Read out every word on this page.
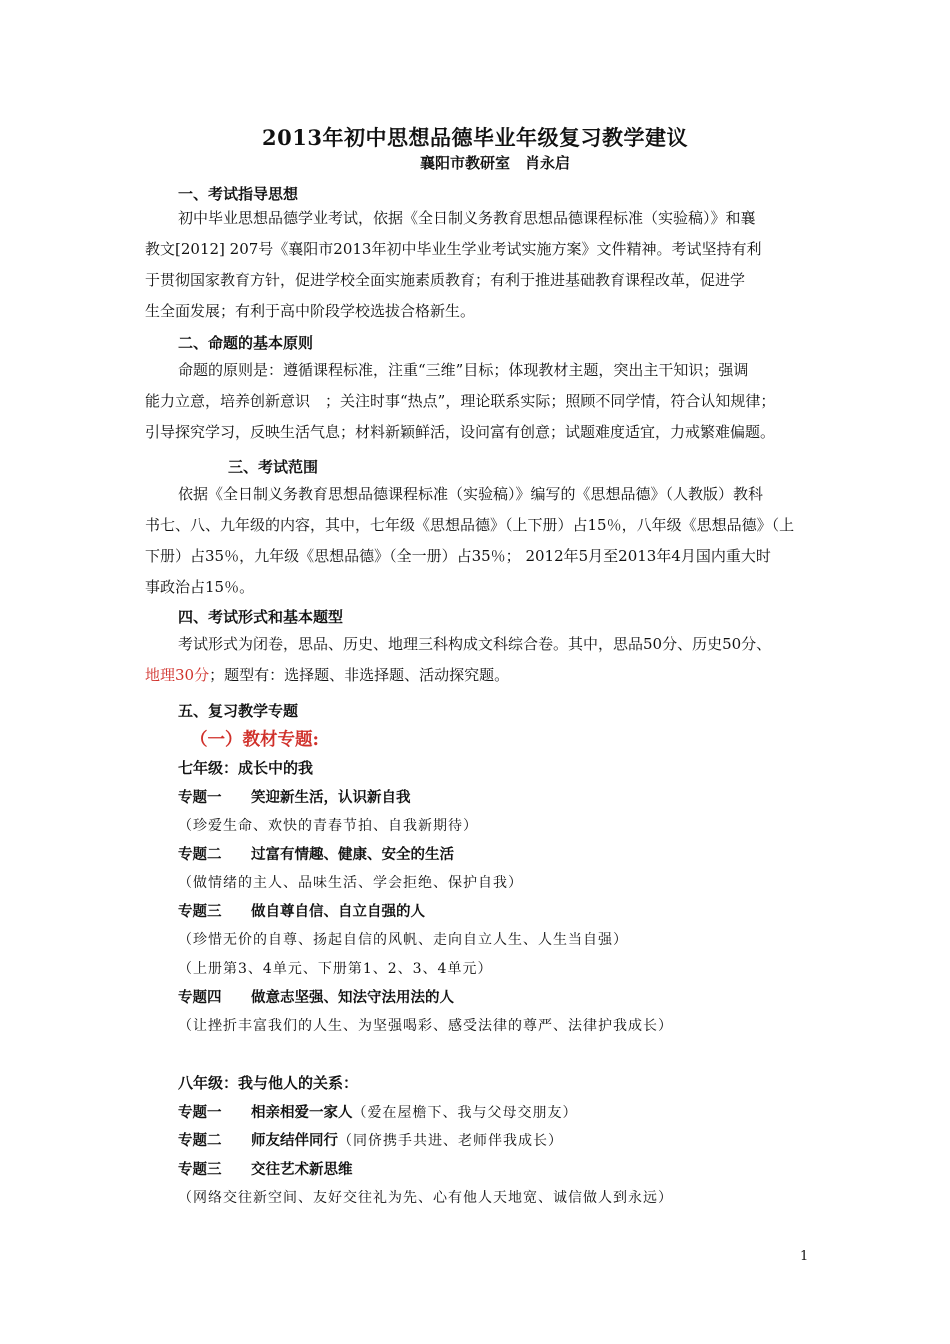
2013年初中思想品德毕业年级复习教学建议
襄阳市教研室　肖永启
一、考试指导思想
初中毕业思想品德学业考试，依据《全日制义务教育思想品德课程标准（实验稿）》和襄
教文[2012] 207号《襄阳市2013年初中毕业生学业考试实施方案》文件精神。考试坚持有利
于贯彻国家教育方针，促进学校全面实施素质教育；有利于推进基础教育课程改革，促进学
生全面发展；有利于高中阶段学校选拔合格新生。
二、命题的基本原则
命题的原则是：遵循课程标准，注重“三维”目标；体现教材主题，突出主干知识；强调
能力立意，培养创新意识　；关注时事“热点”，理论联系实际；照顾不同学情，符合认知规律；
引导探究学习，反映生活气息；材料新颖鲜活，设问富有创意；试题难度适宜，力戒繁难偏题。
三、考试范围
依据《全日制义务教育思想品德课程标准（实验稿）》编写的《思想品德》（人教版）教科
书七、八、九年级的内容，其中，七年级《思想品德》（上下册）占15％，八年级《思想品德》（上
下册）占35％，九年级《思想品德》（全一册）占35％； 2012年5月至2013年4月国内重大时
事政治占15％。
四、考试形式和基本题型
考试形式为闭卷，思品、历史、地理三科构成文科综合卷。其中，思品50分、历史50分、
地理30分；题型有：选择题、非选择题、活动探究题。
五、复习教学专题
（一）教材专题:
七年级：成长中的我
专题一 笑迎新生活，认识新自我
（珍爱生命、欢快的青春节拍、自我新期待）
专题二 过富有情趣、健康、安全的生活
（做情绪的主人、品味生活、学会拒绝、保护自我）
专题三 做自尊自信、自立自强的人
（珍惜无价的自尊、扬起自信的风帆、走向自立人生、人生当自强）
（上册第3、4单元、下册第1、2、3、4单元）
专题四 做意志坚强、知法守法用法的人
（让挫折丰富我们的人生、为坚强喝彩、感受法律的尊严、法律护我成长）
八年级：我与他人的关系：
专题一 相亲相爱一家人（爱在屋檐下、我与父母交朋友）
专题二 师友结伴同行（同侪携手共进、老师伴我成长）
专题三 交往艺术新思维
（网络交往新空间、友好交往礼为先、心有他人天地宽、诚信做人到永远）
1
